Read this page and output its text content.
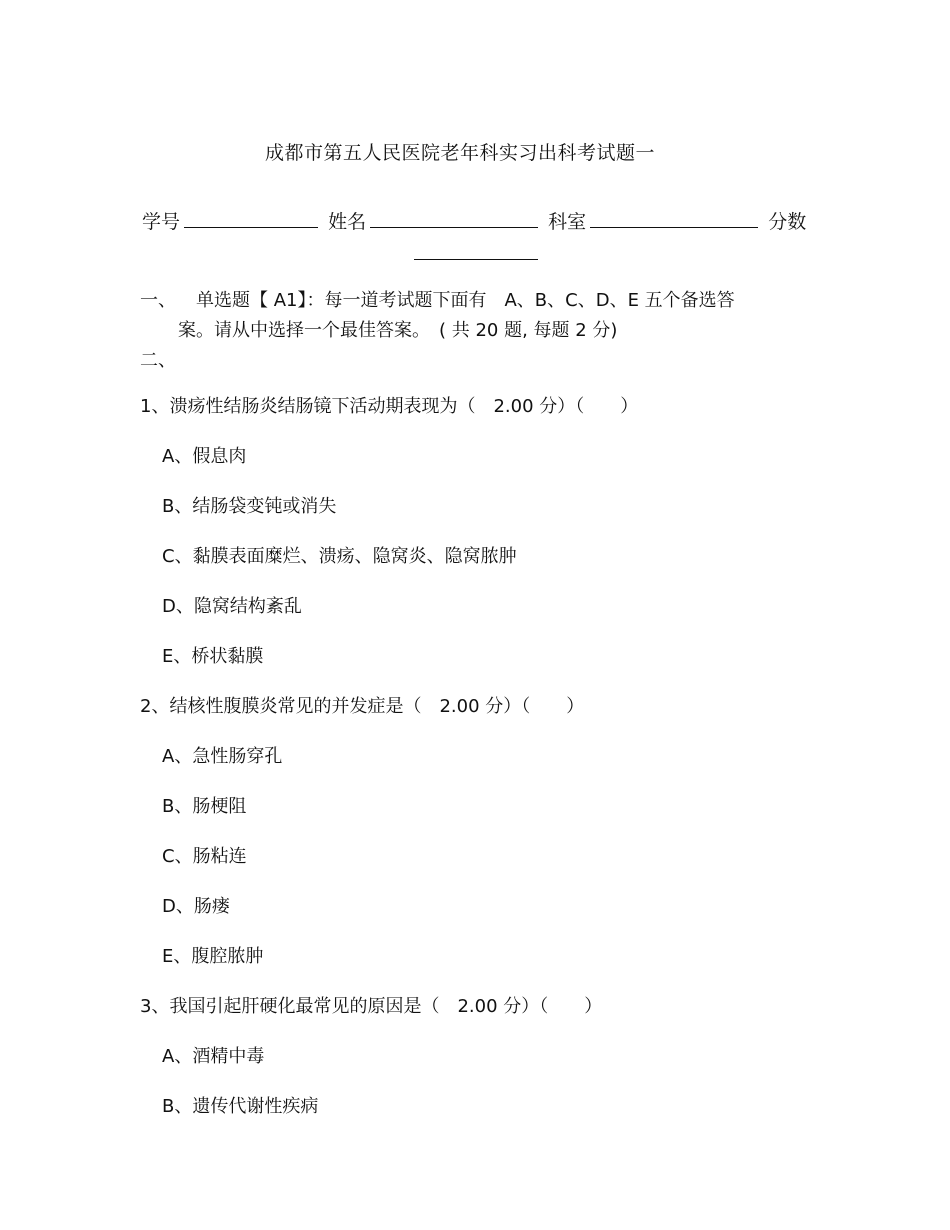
成都市第五人民医院老年科实习出科考试题一
学号	姓名	科室	分数
一、 单选题【 A1】：每一道考试题下面有　A、B、C、D、E 五个备选答
案。请从中选择一个最佳答案。　( 共 20 题, 每题 2 分)
二、
1、溃疡性结肠炎结肠镜下活动期表现为（　2.00 分）（　　）
A、假息肉
B、结肠袋变钝或消失
C、黏膜表面糜烂、溃疡、隐窝炎、隐窝脓肿
D、隐窝结构紊乱
E、桥状黏膜
2、结核性腹膜炎常见的并发症是（　2.00 分）（　　）
A、急性肠穿孔
B、肠梗阻
C、肠粘连
D、肠瘘
E、腹腔脓肿
3、我国引起肝硬化最常见的原因是（　2.00 分）（　　）
A、酒精中毒
B、遗传代谢性疾病
